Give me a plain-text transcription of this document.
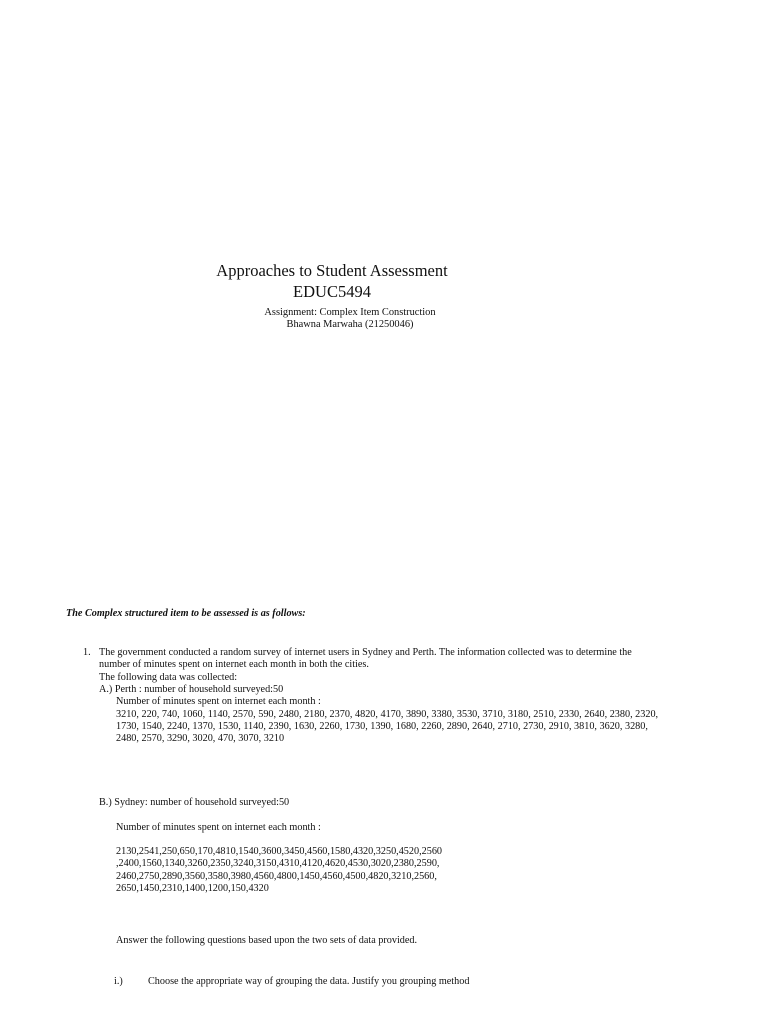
Approaches to Student Assessment
EDUC5494
Assignment: Complex Item Construction
Bhawna Marwaha (21250046)
The Complex structured item to be assessed is as follows:
1. The government conducted a random survey of internet users in Sydney and Perth. The information collected was to determine the
number of minutes spent on internet each month in both the cities.
The following data was collected:
A.) Perth : number of household surveyed:50
Number of minutes spent on internet each month :
3210, 220, 740, 1060, 1140, 2570, 590, 2480, 2180, 2370, 4820, 4170, 3890, 3380, 3530, 3710, 3180, 2510, 2330, 2640, 2380, 2320,
1730, 1540, 2240, 1370, 1530, 1140, 2390, 1630, 2260, 1730, 1390, 1680, 2260, 2890, 2640, 2710, 2730, 2910, 3810, 3620, 3280,
2480, 2570, 3290, 3020, 470, 3070, 3210
B.) Sydney: number of household surveyed:50
Number of minutes spent on internet each month :
2130,2541,250,650,170,4810,1540,3600,3450,4560,1580,4320,3250,4520,2560
,2400,1560,1340,3260,2350,3240,3150,4310,4120,4620,4530,3020,2380,2590,
2460,2750,2890,3560,3580,3980,4560,4800,1450,4560,4500,4820,3210,2560,
2650,1450,2310,1400,1200,150,4320
Answer the following questions based upon the two sets of data provided.
i.) Choose the appropriate way of grouping the data. Justify you grouping method
